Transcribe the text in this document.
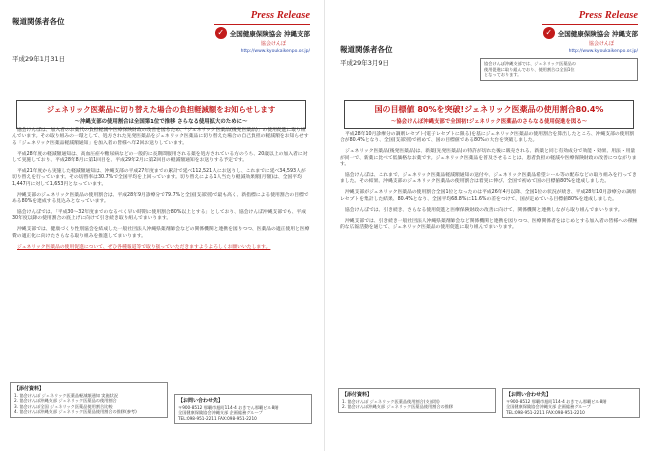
報道関係者各位
平成29年1月31日
Press Release
✓ 全国健康保険協会 沖縄支部
協会けんぽ
http://www.kyoukaikenpo.or.jp/
ジェネリック医薬品に切り替えた場合の負担軽減額をお知らせします
～沖縄支部の使用割合は全国第1位で推移 さらなる使用拡大のために～

協会けんぽは、加入者のお薬代の負担軽減や医療保険財政の改善を図るため、「ジェネリック医薬品(後発医薬品)」の使用促進に取り組んでいます。その取り組みの一環として、処方された先発医薬品をジェネリック医薬品に切り替えた場合の自己負担の軽減額をお知らせする「ジェネリック医薬品軽減額通知」を加入者の皆様へ年2回お送りしています。

平成28年度の軽減額通知は、高血圧症や糖尿病などの一般的に長期間服用される薬を処方されている方のうち、20歳以上の加入者に対して実施しており、平成28年8月に第1回目を、平成29年2月に第2回目の軽減額通知をお送りする予定です。

平成21年度から実施した軽減額通知は、沖縄支部の平成27年度までの累計で延べ112,521人にお送りし、これまでに延べ34,593人が切り替えを行っています。その切替率は30.7%で全国平均を上回っています。切り替えによる1人当たり軽減効果額(月額)は、全国平均1,447円に対して1,653円となっています。

沖縄支部のジェネリック医薬品の使用割合は、平成28年9月診療分で79.7%と全国(支部別)で最も高く、新指標による使用割合の目標である80%を達成する見込みとなっています。

協会けんぽでは、「平成30〜32年度までのなるべく早い時期に使用割合80%以上とする」としており、協会けんぽ沖縄支部でも、平成30年度以降の使用割合の底上げに向けて引き続き取り組んでまいります。

沖縄支部では、健康づくり性別協会を結成した一般社団法人沖縄県薬剤師会などの関係機関と連携を図りつつ、医薬品の適正使用と医療費の適正化に向けたさらなる取り組みを推進してまいります。

ジェネリック医薬品の使用促進について、ぜひ各種報道等で取り扱っていただきますようよろしくお願いいたします。

【添付資料】
1. 協会けんぽ ジェネリック医薬品軽減額通知 実施状況
2. 協会けんぽ沖縄支部 ジェネリック医薬品の使用割合
3. 協会けんぽ全国 ジェネリック医薬品使用割合比較
4. 協会けんぽ沖縄支部 ジェネリック医薬品使用割合の推移(参考)
【お問い合わせ先】
〒900-8512 那覇市旭町114-4 おきでん那覇ビル8階
全国健康保険協会沖縄支部 企画総務グループ
TEL:098-951-2211 FAX:098-951-2210
報道関係者各位
平成29年3月9日
Press Release
✓ 全国健康保険協会 沖縄支部
協会けんぽ
http://www.kyoukaikenpo.or.jp/
協会けんぽ沖縄支部では、ジェネリック医薬品の
使用促進に取り組んでおり、使用割合は全国1位
となっております。
国の目標値 80%を突破!ジェネリック医薬品の使用割合80.4%
～協会けんぽ沖縄支部で全国初!ジェネリック医薬品のさらなる使用促進を図る～

平成28年10月診療分の調剤レセプト(電子レセプトに限る)を基にジェネリック医薬品の使用割合を算出したところ、沖縄支部の使用割合が80.4%となり、全国(支部別)で初めて、国の目標値である80%の大台を突破しました。

ジェネリック医薬品(後発医薬品)は、新薬(先発医薬品)の特許が切れた後に販売される、新薬と同じ有効成分で効能・効果、用法・用量が同一で、新薬に比べて低価格なお薬です。ジェネリック医薬品を普及させることは、患者負担の軽減や医療保険財政の改善につながります。

協会けんぽは、これまで、ジェネリック医薬品軽減額通知の送付や、ジェネリック医薬品希望シール等の配布などの取り組みを行ってきました。その結果、沖縄支部のジェネリック医薬品の使用割合は着実に伸び、全国で初めて国の目標値80%を達成しました。

沖縄支部がジェネリック医薬品の使用割合全国1位となったのは平成26年4月以降、全国1位の状況が続き、平成28年10月診療分の調剤レセプトを集計した結果、80.4%となり、全国平均68.8%に11.6%の差をつけて、国が定めている目標値80%を達成しました。

協会けんぽでは、引き続き、さらなる使用促進と医療保険財政の改善に向けて、関係機関と連携しながら取り組んでまいります。

沖縄支部では、引き続き一般社団法人沖縄県薬剤師会など関係機関と連携を図りつつ、医療関係者をはじめとする加入者の皆様への積極的な広報活動を通じて、ジェネリック医薬品の使用促進に取り組んでまいります。

【添付資料】
1. 協会けんぽ ジェネリック医薬品使用割合(支部別)
2. 協会けんぽ沖縄支部 ジェネリック医薬品使用割合の推移
【お問い合わせ先】
〒900-8512 那覇市旭町114-4 おきでん那覇ビル8階
全国健康保険協会沖縄支部 企画総務グループ
TEL:098-951-2211 FAX:098-951-2210
